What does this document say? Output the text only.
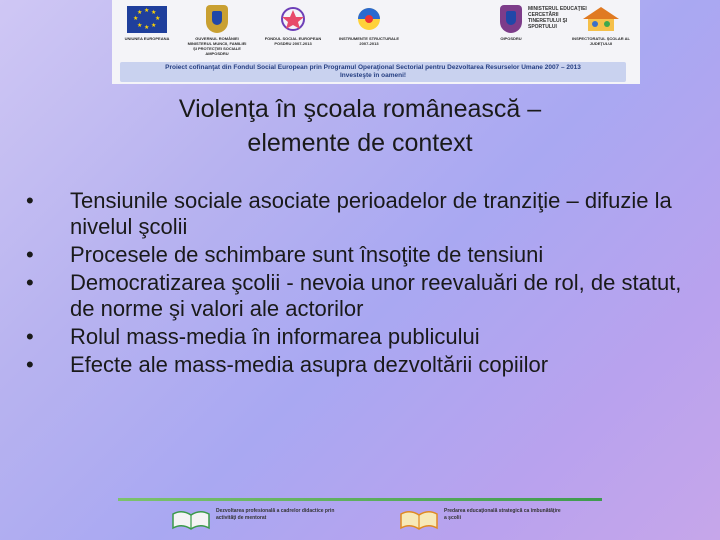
★ ★
★
★
★
★
★
★
UNIUNEA EUROPEANA	GUVERNUL ROMÂNIEI MINISTERUL MUNCII, FAMILIEI ŞI PROTECŢIEI SOCIALE AMPOSDRU
FONDUL SOCIAL EUROPEAN POSDRU 2007-2013
INSTRUMENTE STRUCTURALE 2007-2013
OIPOSDRU
MINISTERUL EDUCAŢIEI CERCETĂRII TINERETULUI ŞI SPORTULUI
INSPECTORATUL ŞCOLAR AL JUDEŢULUI
Proiect cofinanţat din Fondul Social European prin Programul Operaţional Sectorial pentru Dezvoltarea Resurselor Umane 2007 – 2013
Investeşte în oameni!
Violenţa în şcoala românească –
elemente de context
•	Tensiunile sociale asociate perioadelor de tranziţie – difuzie la nivelul şcolii
•	Procesele de schimbare sunt însoţite de tensiuni
•	Democratizarea şcolii - nevoia unor reevaluări de rol, de statut, de norme şi valori ale actorilor
•	Rolul mass-media în informarea publicului
•	Efecte ale mass-media asupra dezvoltării copiilor
Dezvoltarea profesională a cadrelor didactice prin activităţi de mentorat
Predarea educaţională strategică ca îmbunătăţire a şcolii
